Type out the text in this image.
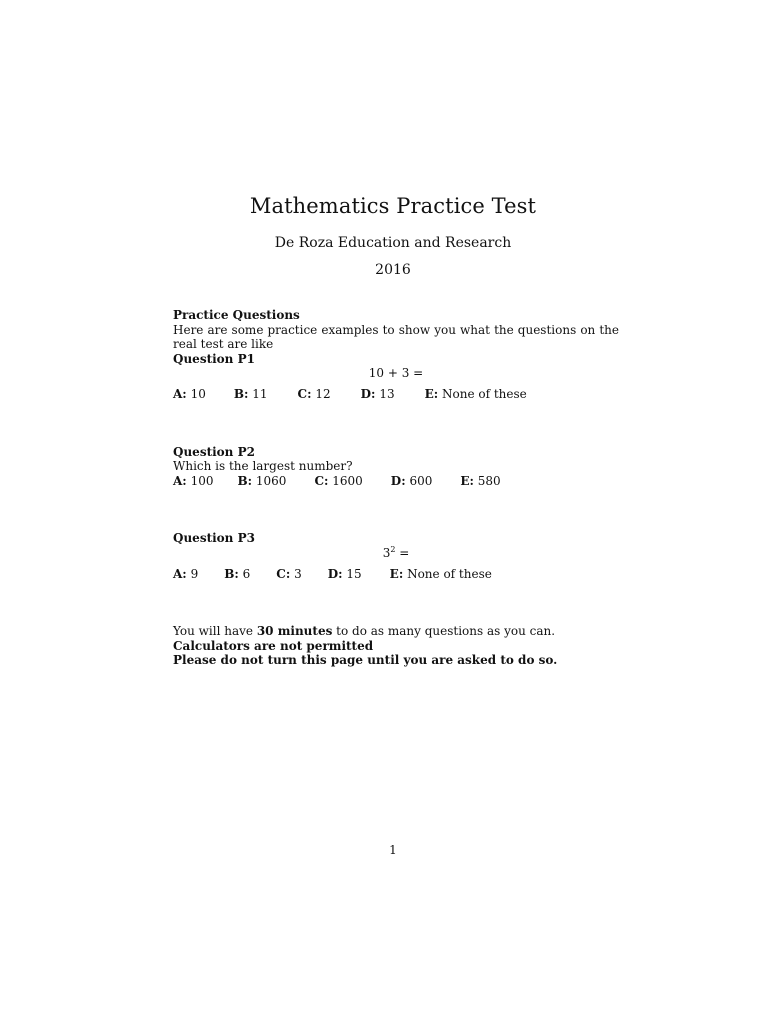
Mathematics Practice Test
De Roza Education and Research
2016
Practice Questions
Here are some practice examples to show you what the questions on the real test are like
Question P1
10 + 3 =
A: 10 B: 11	C: 12	D: 13	E: None of these
Question P2
Which is the largest number?
A: 100 B: 1060 C: 1600 D: 600 E: 580
Question P3
$3^2$ =
A: 9 B: 6 C: 3 D: 15 E: None of these
You will have 30 minutes to do as many questions as you can.
Calculators are not permitted
Please do not turn this page until you are asked to do so.
1
